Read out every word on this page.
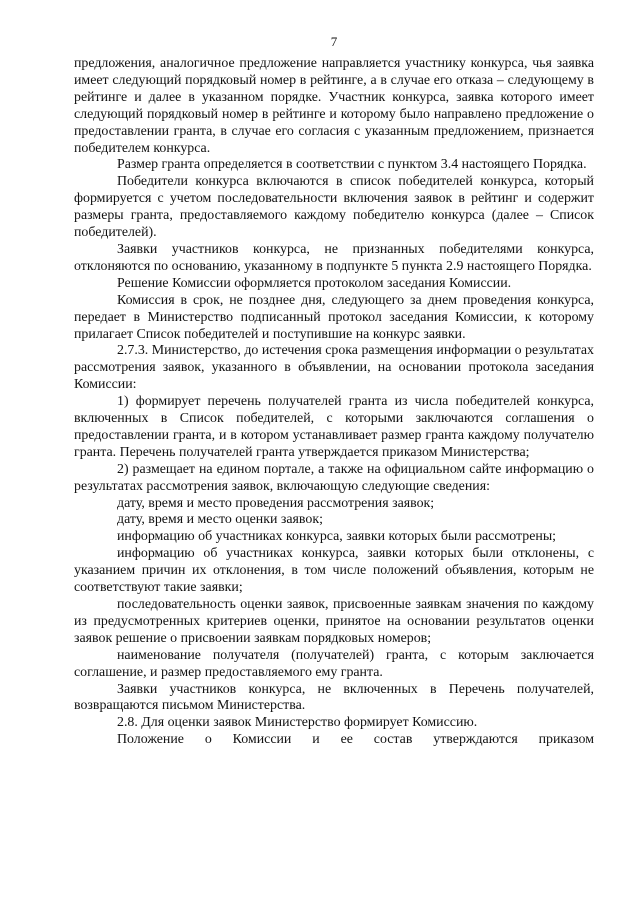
7

предложения, аналогичное предложение направляется участнику конкурса, чья заявка имеет следующий порядковый номер в рейтинге, а в случае его отказа – следующему в рейтинге и далее в указанном порядке. Участник конкурса, заявка которого имеет следующий порядковый номер в рейтинге и которому было направлено предложение о предоставлении гранта, в случае его согласия с указанным предложением, признается победителем конкурса.

Размер гранта определяется в соответствии с пунктом 3.4 настоящего Порядка.

Победители конкурса включаются в список победителей конкурса, который формируется с учетом последовательности включения заявок в рейтинг и содержит размеры гранта, предоставляемого каждому победителю конкурса (далее – Список победителей).

Заявки участников конкурса, не признанных победителями конкурса, отклоняются по основанию, указанному в подпункте 5 пункта 2.9 настоящего Порядка.

Решение Комиссии оформляется протоколом заседания Комиссии.

Комиссия в срок, не позднее дня, следующего за днем проведения конкурса, передает в Министерство подписанный протокол заседания Комиссии, к которому прилагает Список победителей и поступившие на конкурс заявки.

2.7.3. Министерство, до истечения срока размещения информации о результатах рассмотрения заявок, указанного в объявлении, на основании протокола заседания Комиссии:

1) формирует перечень получателей гранта из числа победителей конкурса, включенных в Список победителей, с которыми заключаются соглашения о предоставлении гранта, и в котором устанавливает размер гранта каждому получателю гранта. Перечень получателей гранта утверждается приказом Министерства;

2) размещает на едином портале, а также на официальном сайте информацию о результатах рассмотрения заявок, включающую следующие сведения:

дату, время и место проведения рассмотрения заявок;

дату, время и место оценки заявок;

информацию об участниках конкурса, заявки которых были рассмотрены;

информацию об участниках конкурса, заявки которых были отклонены, с указанием причин их отклонения, в том числе положений объявления, которым не соответствуют такие заявки;

последовательность оценки заявок, присвоенные заявкам значения по каждому из предусмотренных критериев оценки, принятое на основании результатов оценки заявок решение о присвоении заявкам порядковых номеров;

наименование получателя (получателей) гранта, с которым заключается соглашение, и размер предоставляемого ему гранта.

Заявки участников конкурса, не включенных в Перечень получателей, возвращаются письмом Министерства.

2.8. Для оценки заявок Министерство формирует Комиссию.

Положение о Комиссии и ее состав утверждаются приказом
